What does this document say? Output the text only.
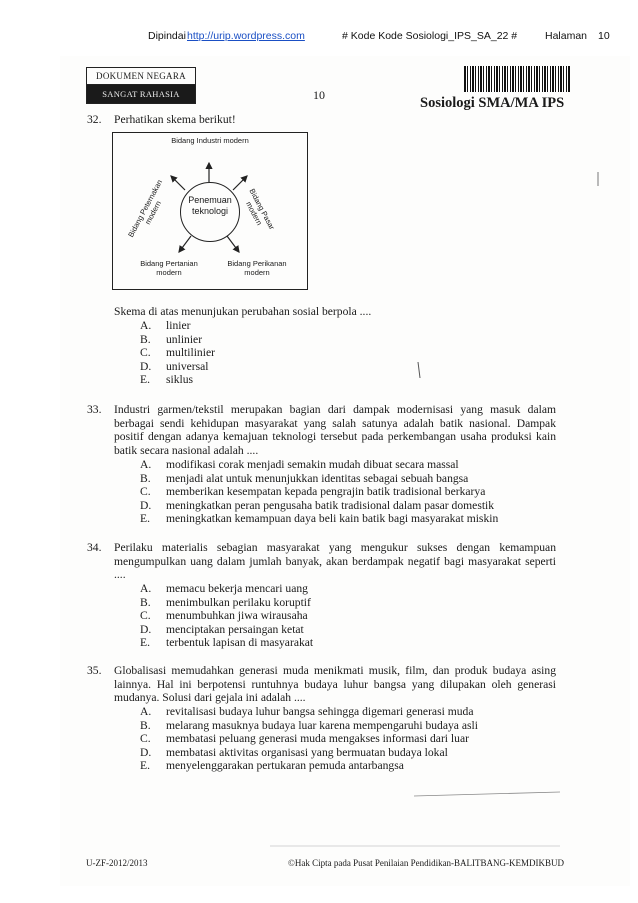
Dipindai http://urip.wordpress.com	# Kode Kode Sosiologi_IPS_SA_22 #	Halaman 10
DOKUMEN NEGARA
SANGAT RAHASIA	10	Sosiologi SMA/MA IPS
32. Perhatikan skema berikut!
Bidang Industri modern
Bidang Pasar modern
Bidang Peternakan modern	Penemuan teknologi
Bidang Pertanian modern
Bidang Perikanan modern
Skema di atas menunjukan perubahan sosial berpola ....
A. linier
B. unlinier
C. multilinier
D. universal
E. siklus
33. Industri garmen/tekstil merupakan bagian dari dampak modernisasi yang masuk dalam berbagai sendi kehidupan masyarakat yang salah satunya adalah batik nasional. Dampak positif dengan adanya kemajuan teknologi tersebut pada perkembangan usaha produksi kain batik secara nasional adalah ....
A. modifikasi corak menjadi semakin mudah dibuat secara massal
B. menjadi alat untuk menunjukkan identitas sebagai sebuah bangsa
C. memberikan kesempatan kepada pengrajin batik tradisional berkarya
D. meningkatkan peran pengusaha batik tradisional dalam pasar domestik
E. meningkatkan kemampuan daya beli kain batik bagi masyarakat miskin
34. Perilaku materialis sebagian masyarakat yang mengukur sukses dengan kemampuan mengumpulkan uang dalam jumlah banyak, akan berdampak negatif bagi masyarakat seperti ....
A. memacu bekerja mencari uang
B. menimbulkan perilaku koruptif
C. menumbuhkan jiwa wirausaha
D. menciptakan persaingan ketat
E. terbentuk lapisan di masyarakat
35. Globalisasi memudahkan generasi muda menikmati musik, film, dan produk budaya asing lainnya. Hal ini berpotensi runtuhnya budaya luhur bangsa yang dilupakan oleh generasi mudanya. Solusi dari gejala ini adalah ....
A. revitalisasi budaya luhur bangsa sehingga digemari generasi muda
B. melarang masuknya budaya luar karena mempengaruhi budaya asli
C. membatasi peluang generasi muda mengakses informasi dari luar
D. membatasi aktivitas organisasi yang bermuatan budaya lokal
E. menyelenggarakan pertukaran pemuda antarbangsa
U-ZF-2012/2013	©Hak Cipta pada Pusat Penilaian Pendidikan-BALITBANG-KEMDIKBUD
